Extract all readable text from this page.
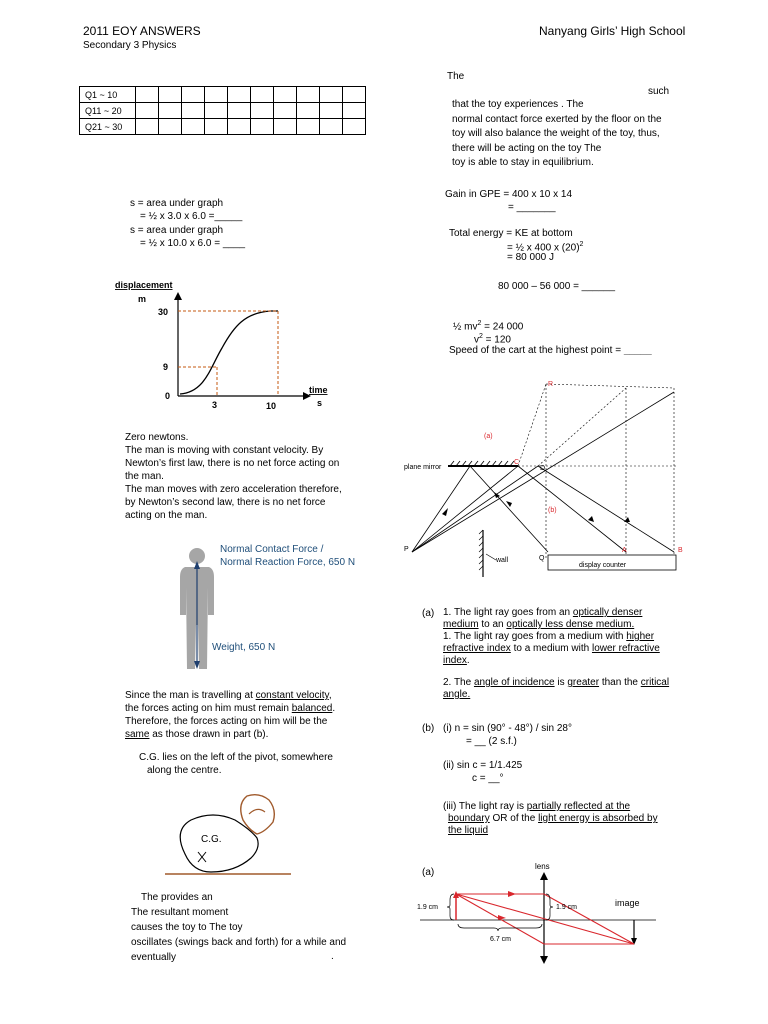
2011 EOY ANSWERS
Secondary 3 Physics
Nanyang Girls’ High School
Q1 ~ 10										
Q11 ~ 20										
Q21 ~ 30										
s = area under graph
= ½ x 3.0 x 6.0 =_____
s = area under graph
= ½ x 10.0 x 6.0 = ____
displacement
m
30
9
0
3	10
time
s
Zero newtons.
The man is moving with constant velocity. By
Newton’s first law, there is no net force acting on
the man.
The man moves with zero acceleration therefore,
by Newton’s second law, there is no net force
acting on the man.
Normal Contact Force /
Normal Reaction Force, 650 N
Weight, 650 N
Since the man is travelling at constant velocity,
the forces acting on him must remain balanced.
Therefore, the forces acting on him will be the
same as those drawn in part (b).
C.G. lies on the left of the pivot, somewhere
along the centre.
C.G.
The provides an
The resultant moment
causes the toy to The toy
oscillates (swings back and forth) for a while and
eventually	.
The
such
that the toy experiences . The
normal contact force exerted by the floor on the
toy will also balance the weight of the toy, thus,
there will be acting on the toy The
toy is able to stay in equilibrium.
Gain in GPE = 400 x 10 x 14
= _______
Total energy = KE at bottom
= ½ x 400 x $(20)^2$
= 80 000 J
80 000 – 56 000 = ______
½ $mv^2 = 24$ 000
$v^2 = 120$
Speed of the cart at the highest point = _____
plane mirror
display counter
wall
R
C
D
P
Q
A	B
(a)
(b)
(a) 1. The light ray goes from an optically denser
medium to an optically less dense medium.
1. The light ray goes from a medium with higher
refractive index to a medium with lower refractive
index.
2. The angle of incidence is greater than the critical
angle.
(b) (i) n = sin (90° - 48°) / sin 28°
= __ (2 s.f.)
(ii) sin c = 1/1.425
c = __°
(iii) The light ray is partially reflected at the
boundary OR of the light energy is absorbed by
the liquid
(a)
lens
image
1.9 cm	1.9 cm
6.7 cm
